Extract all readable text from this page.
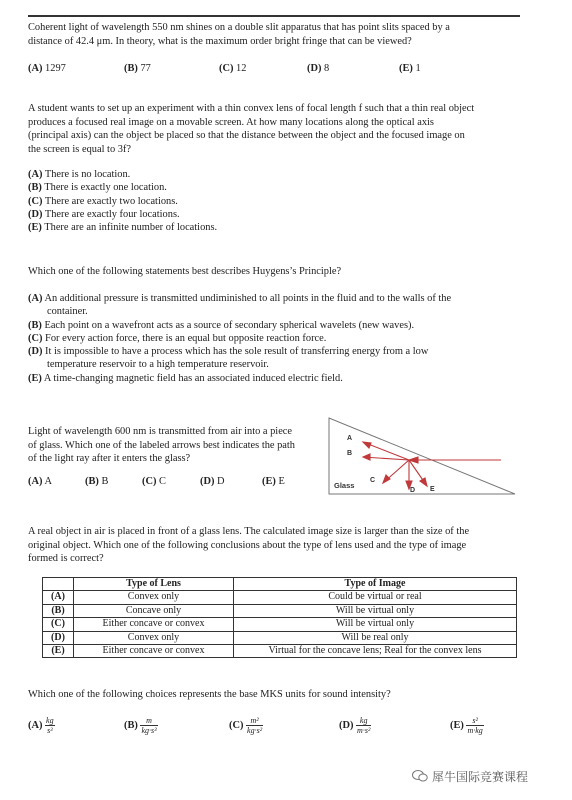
Coherent light of wavelength 550 nm shines on a double slit apparatus that has point slits spaced by a
distance of 42.4 μm. In theory, what is the maximum order bright fringe that can be viewed?
(A) 1297	(B) 77	(C) 12	(D) 8	(E) 1
A student wants to set up an experiment with a thin convex lens of focal length f such that a thin real object
produces a focused real image on a movable screen. At how many locations along the optical axis
(principal axis) can the object be placed so that the distance between the object and the focused image on
the screen is equal to 3f?
(A) There is no location.
(B) There is exactly one location.
(C) There are exactly two locations.
(D) There are exactly four locations.
(E) There are an infinite number of locations.
Which one of the following statements best describes Huygens’s Principle?
(A) An additional pressure is transmitted undiminished to all points in the fluid and to the walls of the
container.
(B) Each point on a wavefront acts as a source of secondary spherical wavelets (new waves).
(C) For every action force, there is an equal but opposite reaction force.
(D) It is impossible to have a process which has the sole result of transferring energy from a low
temperature reservoir to a high temperature reservoir.
(E) A time-changing magnetic field has an associated induced electric field.
Light of wavelength 600 nm is transmitted from air into a piece
of glass. Which one of the labeled arrows best indicates the path
of the light ray after it enters the glass?
(A) A	(B) B	(C) C	(D) D	(E) E	Glass
A
B
C
D E
A real object in air is placed in front of a glass lens. The calculated image size is larger than the size of the
original object. Which one of the following conclusions about the type of lens used and the type of image
formed is correct?
	Type of Lens	Type of Image
(A)	Convex only	Could be virtual or real
(B)	Concave only	Will be virtual only
(C)	Either concave or convex	Will be virtual only
(D)	Convex only	Will be real only
(E)	Either concave or convex	Virtual for the concave lens; Real for the convex lens
Which one of the following choices represents the base MKS units for sound intensity?
$(A) \frac{kg}{\text{s³}}$	$(B) \frac{m}{\text{kg·s³}}$	$(C) \frac{\text{m²}}{\text{kg·s²}}$	$(D) \frac{kg}{\text{m·s²}}$	$(E) \frac{\text{s²}}{m\cdot kg}$
犀牛国际竞赛课程
